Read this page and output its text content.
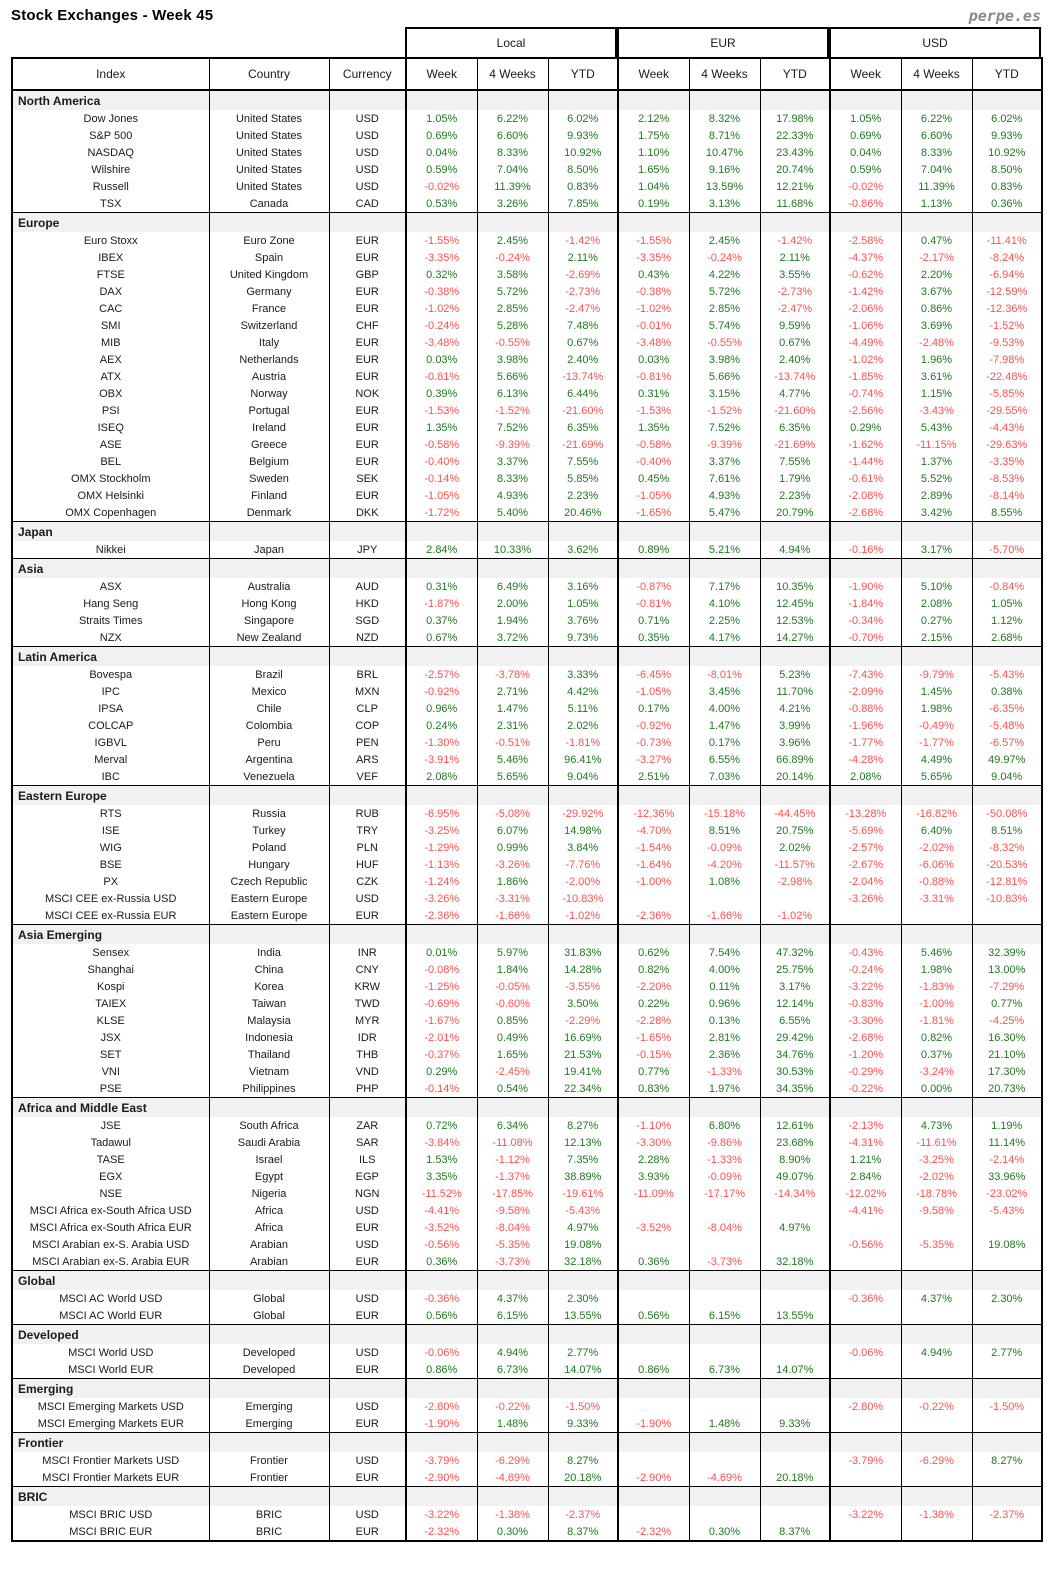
Stock Exchanges - Week 45	perpe.es
Local	EUR	USD
Index	Country	Currency	Week	4 Weeks	YTD	Week	4 Weeks	YTD	Week	4 Weeks	YTD
North America											
Dow Jones	United States	USD	1.05%	6.22%	6.02%	2.12%	8.32%	17.98%	1.05%	6.22%	6.02%
S&P 500	United States	USD	0.69%	6.60%	9.93%	1.75%	8.71%	22.33%	0.69%	6.60%	9.93%
NASDAQ	United States	USD	0.04%	8.33%	10.92%	1.10%	10.47%	23.43%	0.04%	8.33%	10.92%
Wilshire	United States	USD	0.59%	7.04%	8.50%	1.65%	9.16%	20.74%	0.59%	7.04%	8.50%
Russell	United States	USD	-0.02%	11.39%	0.83%	1.04%	13.59%	12.21%	-0.02%	11.39%	0.83%
TSX	Canada	CAD	0.53%	3.26%	7.85%	0.19%	3.13%	11.68%	-0.86%	1.13%	0.36%
Europe											
Euro Stoxx	Euro Zone	EUR	-1.55%	2.45%	-1.42%	-1.55%	2.45%	-1.42%	-2.58%	0.47%	-11.41%
IBEX	Spain	EUR	-3.35%	-0.24%	2.11%	-3.35%	-0.24%	2.11%	-4.37%	-2.17%	-8.24%
FTSE	United Kingdom	GBP	0.32%	3.58%	-2.69%	0.43%	4.22%	3.55%	-0.62%	2.20%	-6.94%
DAX	Germany	EUR	-0.38%	5.72%	-2.73%	-0.38%	5.72%	-2.73%	-1.42%	3.67%	-12.59%
CAC	France	EUR	-1.02%	2.85%	-2.47%	-1.02%	2.85%	-2.47%	-2.06%	0.86%	-12.36%
SMI	Switzerland	CHF	-0.24%	5.28%	7.48%	-0.01%	5.74%	9.59%	-1.06%	3.69%	-1.52%
MIB	Italy	EUR	-3.48%	-0.55%	0.67%	-3.48%	-0.55%	0.67%	-4.49%	-2.48%	-9.53%
AEX	Netherlands	EUR	0.03%	3.98%	2.40%	0.03%	3.98%	2.40%	-1.02%	1.96%	-7.98%
ATX	Austria	EUR	-0.81%	5.66%	-13.74%	-0.81%	5.66%	-13.74%	-1.85%	3.61%	-22.48%
OBX	Norway	NOK	0.39%	6.13%	6.44%	0.31%	3.15%	4.77%	-0.74%	1.15%	-5.85%
PSI	Portugal	EUR	-1.53%	-1.52%	-21.60%	-1.53%	-1.52%	-21.60%	-2.56%	-3.43%	-29.55%
ISEQ	Ireland	EUR	1.35%	7.52%	6.35%	1.35%	7.52%	6.35%	0.29%	5.43%	-4.43%
ASE	Greece	EUR	-0.58%	-9.39%	-21.69%	-0.58%	-9.39%	-21.69%	-1.62%	-11.15%	-29.63%
BEL	Belgium	EUR	-0.40%	3.37%	7.55%	-0.40%	3.37%	7.55%	-1.44%	1.37%	-3.35%
OMX Stockholm	Sweden	SEK	-0.14%	8.33%	5.85%	0.45%	7.61%	1.79%	-0.61%	5.52%	-8.53%
OMX Helsinki	Finland	EUR	-1.05%	4.93%	2.23%	-1.05%	4.93%	2.23%	-2.08%	2.89%	-8.14%
OMX Copenhagen	Denmark	DKK	-1.72%	5.40%	20.46%	-1.65%	5.47%	20.79%	-2.68%	3.42%	8.55%
Japan											
Nikkei	Japan	JPY	2.84%	10.33%	3.62%	0.89%	5.21%	4.94%	-0.16%	3.17%	-5.70%
Asia											
ASX	Australia	AUD	0.31%	6.49%	3.16%	-0.87%	7.17%	10.35%	-1.90%	5.10%	-0.84%
Hang Seng	Hong Kong	HKD	-1.87%	2.00%	1.05%	-0.81%	4.10%	12.45%	-1.84%	2.08%	1.05%
Straits Times	Singapore	SGD	0.37%	1.94%	3.76%	0.71%	2.25%	12.53%	-0.34%	0.27%	1.12%
NZX	New Zealand	NZD	0.67%	3.72%	9.73%	0.35%	4.17%	14.27%	-0.70%	2.15%	2.68%
Latin America											
Bovespa	Brazil	BRL	-2.57%	-3.78%	3.33%	-6.45%	-8.01%	5.23%	-7.43%	-9.79%	-5.43%
IPC	Mexico	MXN	-0.92%	2.71%	4.42%	-1.05%	3.45%	11.70%	-2.09%	1.45%	0.38%
IPSA	Chile	CLP	0.96%	1.47%	5.11%	0.17%	4.00%	4.21%	-0.88%	1.98%	-6.35%
COLCAP	Colombia	COP	0.24%	2.31%	2.02%	-0.92%	1.47%	3.99%	-1.96%	-0.49%	-5.48%
IGBVL	Peru	PEN	-1.30%	-0.51%	-1.81%	-0.73%	0.17%	3.96%	-1.77%	-1.77%	-6.57%
Merval	Argentina	ARS	-3.91%	5.46%	96.41%	-3.27%	6.55%	66.89%	-4.28%	4.49%	49.97%
IBC	Venezuela	VEF	2.08%	5.65%	9.04%	2.51%	7.03%	20.14%	2.08%	5.65%	9.04%
Eastern Europe											
RTS	Russia	RUB	-6.95%	-5.08%	-29.92%	-12.36%	-15.18%	-44.45%	-13.28%	-16.82%	-50.08%
ISE	Turkey	TRY	-3.25%	6.07%	14.98%	-4.70%	8.51%	20.75%	-5.69%	6.40%	8.51%
WIG	Poland	PLN	-1.29%	0.99%	3.84%	-1.54%	-0.09%	2.02%	-2.57%	-2.02%	-8.32%
BSE	Hungary	HUF	-1.13%	-3.26%	-7.76%	-1.64%	-4.20%	-11.57%	-2.67%	-6.06%	-20.53%
PX	Czech Republic	CZK	-1.24%	1.86%	-2.00%	-1.00%	1.08%	-2.98%	-2.04%	-0.88%	-12.81%
MSCI CEE ex-Russia USD	Eastern Europe	USD	-3.26%	-3.31%	-10.83%				-3.26%	-3.31%	-10.83%
MSCI CEE ex-Russia EUR	Eastern Europe	EUR	-2.36%	-1.66%	-1.02%	-2.36%	-1.66%	-1.02%			
Asia Emerging											
Sensex	India	INR	0.01%	5.97%	31.83%	0.62%	7.54%	47.32%	-0.43%	5.46%	32.39%
Shanghai	China	CNY	-0.08%	1.84%	14.28%	0.82%	4.00%	25.75%	-0.24%	1.98%	13.00%
Kospi	Korea	KRW	-1.25%	-0.05%	-3.55%	-2.20%	0.11%	3.17%	-3.22%	-1.83%	-7.29%
TAIEX	Taiwan	TWD	-0.69%	-0.60%	3.50%	0.22%	0.96%	12.14%	-0.83%	-1.00%	0.77%
KLSE	Malaysia	MYR	-1.67%	0.85%	-2.29%	-2.28%	0.13%	6.55%	-3.30%	-1.81%	-4.25%
JSX	Indonesia	IDR	-2.01%	0.49%	16.69%	-1.65%	2.81%	29.42%	-2.68%	0.82%	16.30%
SET	Thailand	THB	-0.37%	1.65%	21.53%	-0.15%	2.36%	34.76%	-1.20%	0.37%	21.10%
VNI	Vietnam	VND	0.29%	-2.45%	19.41%	0.77%	-1.33%	30.53%	-0.29%	-3.24%	17.30%
PSE	Philippines	PHP	-0.14%	0.54%	22.34%	0.83%	1.97%	34.35%	-0.22%	0.00%	20.73%
Africa and Middle East											
JSE	South Africa	ZAR	0.72%	6.34%	8.27%	-1.10%	6.80%	12.61%	-2.13%	4.73%	1.19%
Tadawul	Saudi Arabia	SAR	-3.84%	-11.08%	12.13%	-3.30%	-9.86%	23.68%	-4.31%	-11.61%	11.14%
TASE	Israel	ILS	1.53%	-1.12%	7.35%	2.28%	-1.33%	8.90%	1.21%	-3.25%	-2.14%
EGX	Egypt	EGP	3.35%	-1.37%	38.89%	3.93%	-0.09%	49.07%	2.84%	-2.02%	33.96%
NSE	Nigeria	NGN	-11.52%	-17.85%	-19.61%	-11.09%	-17.17%	-14.34%	-12.02%	-18.78%	-23.02%
MSCI Africa ex-South Africa USD	Africa	USD	-4.41%	-9.58%	-5.43%				-4.41%	-9.58%	-5.43%
MSCI Africa ex-South Africa EUR	Africa	EUR	-3.52%	-8.04%	4.97%	-3.52%	-8.04%	4.97%			
MSCI Arabian ex-S. Arabia USD	Arabian	USD	-0.56%	-5.35%	19.08%				-0.56%	-5.35%	19.08%
MSCI Arabian ex-S. Arabia EUR	Arabian	EUR	0.36%	-3.73%	32.18%	0.36%	-3.73%	32.18%			
Global											
MSCI AC World USD	Global	USD	-0.36%	4.37%	2.30%				-0.36%	4.37%	2.30%
MSCI AC World EUR	Global	EUR	0.56%	6.15%	13.55%	0.56%	6.15%	13.55%			
Developed											
MSCI World USD	Developed	USD	-0.06%	4.94%	2.77%				-0.06%	4.94%	2.77%
MSCI World EUR	Developed	EUR	0.86%	6.73%	14.07%	0.86%	6.73%	14.07%			
Emerging											
MSCI Emerging Markets USD	Emerging	USD	-2.80%	-0.22%	-1.50%				-2.80%	-0.22%	-1.50%
MSCI Emerging Markets EUR	Emerging	EUR	-1.90%	1.48%	9.33%	-1.90%	1.48%	9.33%			
Frontier											
MSCI Frontier Markets USD	Frontier	USD	-3.79%	-6.29%	8.27%				-3.79%	-6.29%	8.27%
MSCI Frontier Markets EUR	Frontier	EUR	-2.90%	-4.69%	20.18%	-2.90%	-4.69%	20.18%			
BRIC											
MSCI BRIC USD	BRIC	USD	-3.22%	-1.38%	-2.37%				-3.22%	-1.38%	-2.37%
MSCI BRIC EUR	BRIC	EUR	-2.32%	0.30%	8.37%	-2.32%	0.30%	8.37%			
